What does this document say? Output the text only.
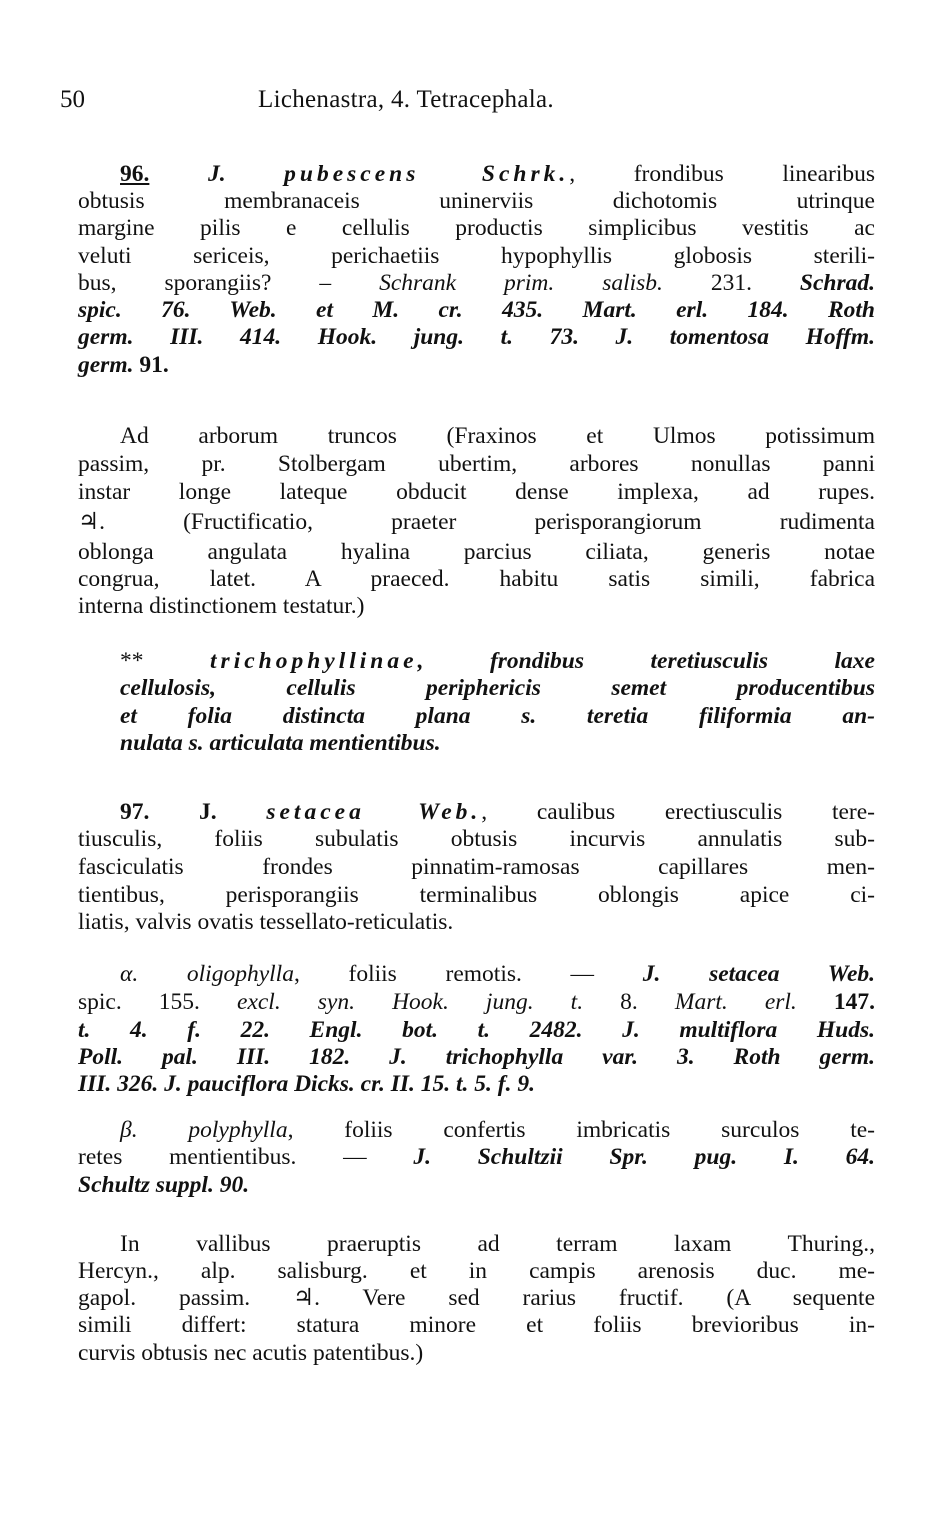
50	Lichenastra, 4. Tetracephala.
96. J. pubescens Schrk., frondibus linearibus
obtusis membranaceis uninerviis dichotomis utrinque
margine pilis e cellulis productis simplicibus vestitis ac
veluti sericeis, perichaetiis hypophyllis globosis sterili-
bus, sporangiis? – Schrank prim. salisb. 231. Schrad.
spic. 76. Web. et M. cr. 435. Mart. erl. 184. Roth
germ. III. 414. Hook. jung. t. 73. J. tomentosa Hoffm.
germ. 91.
Ad arborum truncos (Fraxinos et Ulmos potissimum
passim, pr. Stolbergam ubertim, arbores nonullas panni
instar longe lateque obducit dense implexa, ad rupes.
♃. (Fructificatio, praeter perisporangiorum rudimenta
oblonga angulata hyalina parcius ciliata, generis notae
congrua, latet. A praeced. habitu satis simili, fabrica
interna distinctionem testatur.)
** trichophyllinae, frondibus teretiusculis laxe
cellulosis, cellulis periphericis semet producentibus
et folia distincta plana s. teretia filiformia an-
nulata s. articulata mentientibus.
97. J. setacea Web., caulibus erectiusculis tere-
tiusculis, foliis subulatis obtusis incurvis annulatis sub-
fasciculatis frondes pinnatim-ramosas capillares men-
tientibus, perisporangiis terminalibus oblongis apice ci-
liatis, valvis ovatis tessellato-reticulatis.
α. oligophylla, foliis remotis. — J. setacea Web.
spic. 155. excl. syn. Hook. jung. t. 8. Mart. erl. 147.
t. 4. f. 22. Engl. bot. t. 2482. J. multiflora Huds.
Poll. pal. III. 182. J. trichophylla var. 3. Roth germ.
III. 326. J. pauciflora Dicks. cr. II. 15. t. 5. f. 9.
β. polyphylla, foliis confertis imbricatis surculos te-
retes mentientibus. — J. Schultzii Spr. pug. I. 64.
Schultz suppl. 90.
In vallibus praeruptis ad terram laxam Thuring.,
Hercyn., alp. salisburg. et in campis arenosis duc. me-
gapol. passim. ♃. Vere sed rarius fructif. (A sequente
simili differt: statura minore et foliis brevioribus in-
curvis obtusis nec acutis patentibus.)
